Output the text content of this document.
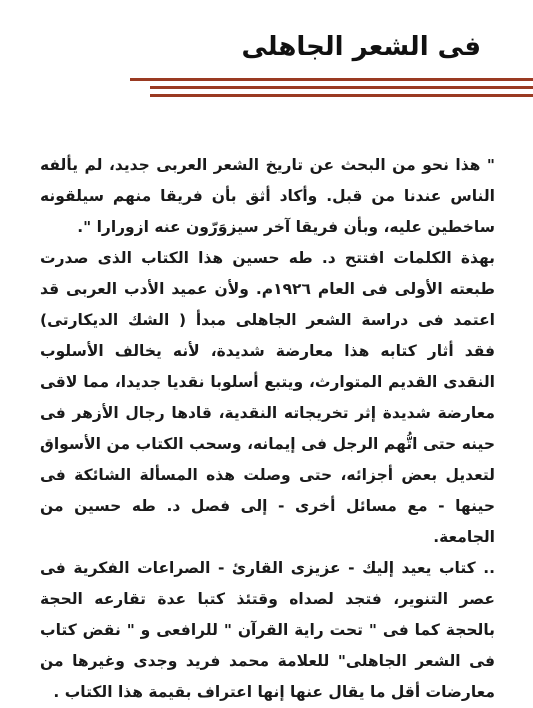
فى الشعر الجاهلى

" هذا نحو من البحث عن تاريخ الشعر العربى جديد، لم يألفه الناس عندنا من قبل. وأكاد أثق بأن فريقا منهم سيلقونه ساخطين عليه، وبأن فريقا آخر سيزوَرّون عنه ازورارا ".

بهذة الكلمات افتتح د. طه حسين هذا الكتاب الذى صدرت طبعته الأولى فى العام ١٩٢٦م. ولأن عميد الأدب العربى قد اعتمد فى دراسة الشعر الجاهلى مبدأ ( الشك الديكارتى) فقد أثار كتابه هذا معارضة شديدة، لأنه يخالف الأسلوب النقدى القديم المتوارث، ويتبع أسلوبا نقديا جديدا، مما لاقى معارضة شديدة إثر تخريجاته النقدية، قادها رجال الأزهر فى حينه حتى اتُّهم الرجل فى إيمانه، وسحب الكتاب من الأسواق لتعديل بعض أجزائه، حتى وصلت هذه المسألة الشائكة فى حينها - مع مسائل أخرى - إلى فصل د. طه حسين من الجامعة.

.. كتاب يعيد إليك - عزيزى القارئ - الصراعات الفكرية فى عصر التنوير، فتجد لصداه وقتئذ كتبا عدة تقارعه الحجة بالحجة كما فى " تحت راية القرآن " للرافعى و " نقض كتاب فى الشعر الجاهلى" للعلامة محمد فريد وجدى وغيرها من معارضات أقل ما يقال عنها إنها اعتراف بقيمة هذا الكتاب .
